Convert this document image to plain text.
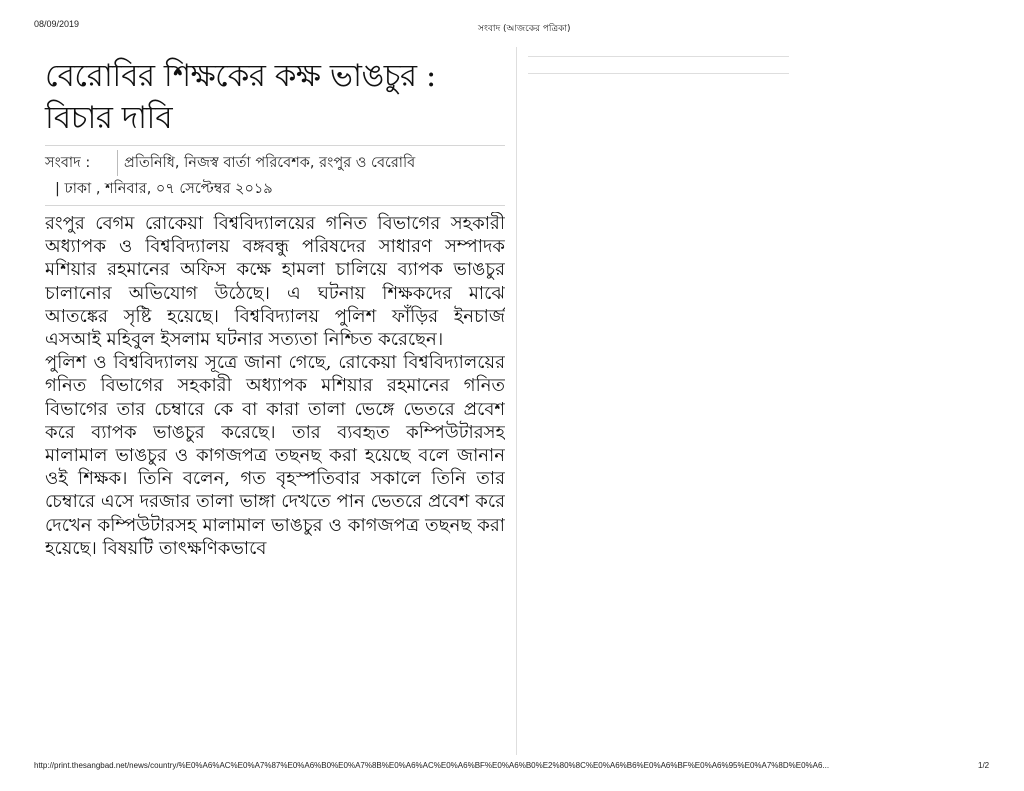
08/09/2019	সংবাদ (আজকের পত্রিকা)
বেরোবির শিক্ষকের কক্ষ ভাঙচুর : বিচার দাবি
সংবাদ :	প্রতিনিধি, নিজস্ব বার্তা পরিবেশক, রংপুর ও বেরোবি
| ঢাকা , শনিবার, ০৭ সেপ্টেম্বর ২০১৯

রংপুর বেগম রোকেয়া বিশ্ববিদ্যালয়ের গনিত বিভাগের সহকারী অধ্যাপক ও বিশ্ববিদ্যালয় বঙ্গবন্ধু পরিষদের সাধারণ সম্পাদক মশিয়ার রহমানের অফিস কক্ষে হামলা চালিয়ে ব্যাপক ভাঙচুর চালানোর অভিযোগ উঠেছে। এ ঘটনায় শিক্ষকদের মাঝে আতঙ্কের সৃষ্টি হয়েছে। বিশ্ববিদ্যালয় পুলিশ ফাঁড়ির ইনচার্জ এসআই মহিবুল ইসলাম ঘটনার সত্যতা নিশ্চিত করেছেন।

পুলিশ ও বিশ্ববিদ্যালয় সূত্রে জানা গেছে, রোকেয়া বিশ্ববিদ্যালয়ের গনিত বিভাগের সহকারী অধ্যাপক মশিয়ার রহমানের গনিত বিভাগের তার চেম্বারে কে বা কারা তালা ভেঙ্গে ভেতরে প্রবেশ করে ব্যাপক ভাঙচুর করেছে। তার ব্যবহৃত কম্পিউটারসহ মালামাল ভাঙচুর ও কাগজপত্র তছনছ করা হয়েছে বলে জানান ওই শিক্ষক। তিনি বলেন, গত বৃহস্পতিবার সকালে তিনি তার চেম্বারে এসে দরজার তালা ভাঙ্গা দেখতে পান ভেতরে প্রবেশ করে দেখেন কম্পিউটারসহ মালামাল ভাঙচুর ও কাগজপত্র তছনছ করা হয়েছে। বিষয়টি তাৎক্ষণিকভাবে

http://print.thesangbad.net/news/country/%E0%A6%AC%E0%A7%87%E0%A6%B0%E0%A7%8B%E0%A6%AC%E0%A6%BF%E0%A6%B0%E2%80%8C%E0%A6%B6%E0%A6%BF%E0%A6%95%E0%A7%8D%E0%A6...	1/2
